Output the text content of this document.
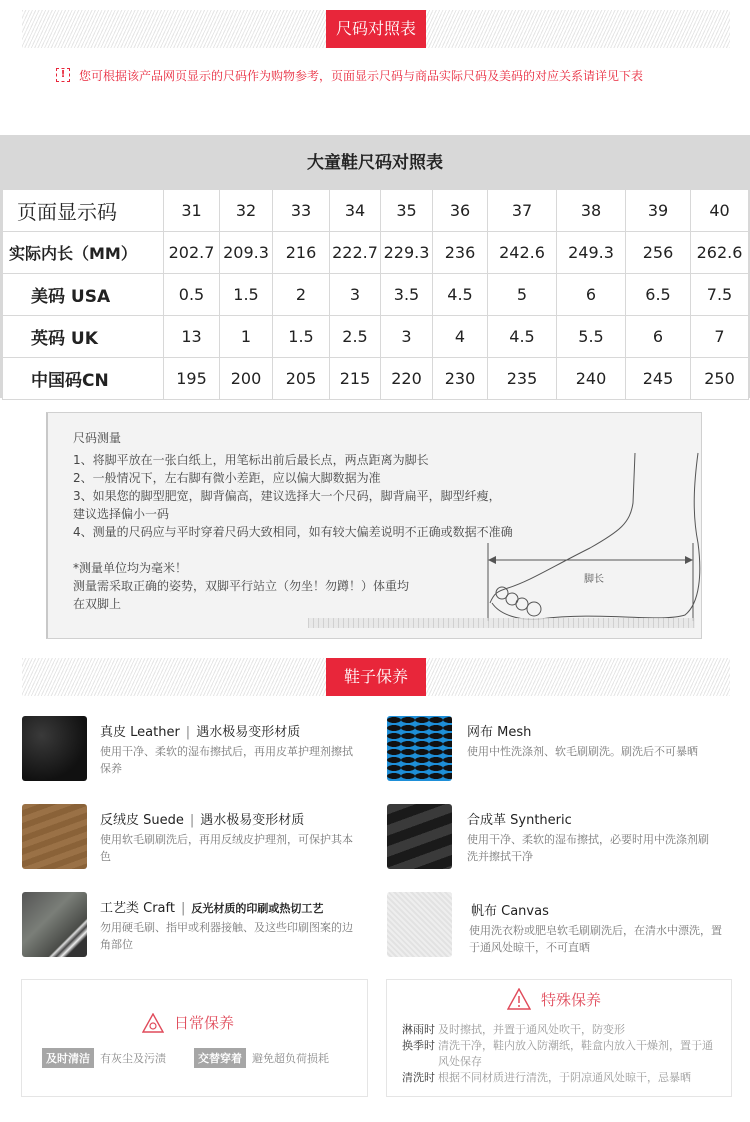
尺码对照表
!	您可根据该产品网页显示的尺码作为购物参考，页面显示尺码与商品实际尺码及美码的对应关系请详见下表
大童鞋尺码对照表
页面显示码	31	32	33	34	35	36	37	38	39	40
实际内长（MM）	202.7	209.3	216	222.7	229.3	236	242.6	249.3	256	262.6
美码 USA	0.5	1.5	2	3	3.5	4.5	5	6	6.5	7.5
英码 UK	13	1	1.5	2.5	3	4	4.5	5.5	6	7
中国码CN	195	200	205	215	220	230	235	240	245	250
尺码测量
1、将脚平放在一张白纸上，用笔标出前后最长点，两点距离为脚长
2、一般情况下，左右脚有微小差距，应以偏大脚数据为准
3、如果您的脚型肥宽，脚背偏高，建议选择大一个尺码，脚背扁平，脚型纤瘦，
建议选择偏小一码
4、测量的尺码应与平时穿着尺码大致相同，如有较大偏差说明不正确或数据不准确
*测量单位均为毫米！
测量需采取正确的姿势，双脚平行站立（勿坐！勿蹲！）体重均
在双脚上
脚长
鞋子保养
真皮 Leather | 遇水极易变形材质
使用干净、柔软的湿布擦拭后，再用皮革护理剂擦拭保养
网布 Mesh
使用中性洗涤剂、软毛刷刷洗。刷洗后不可暴晒
反绒皮 Suede | 遇水极易变形材质
使用软毛刷刷洗后，再用反绒皮护理剂，可保护其本色
合成革 Syntheric
使用干净、柔软的湿布擦拭，必要时用中洗涤剂刷洗并擦拭干净
工艺类 Craft | 反光材质的印刷或热切工艺
勿用硬毛刷、指甲或利器接触、及这些印刷图案的边角部位
帆布 Canvas
使用洗衣粉或肥皂软毛刷刷洗后，在清水中漂洗，置于通风处晾干，不可直晒
日常保养
及时清洁 有灰尘及污渍	交替穿着 避免超负荷损耗
特殊保养
淋雨时 及时擦拭，并置于通风处吹干，防变形
换季时 清洗干净，鞋内放入防潮纸，鞋盒内放入干燥剂，置于通风处保存
清洗时 根据不同材质进行清洗，于阴凉通风处晾干，忌暴晒
